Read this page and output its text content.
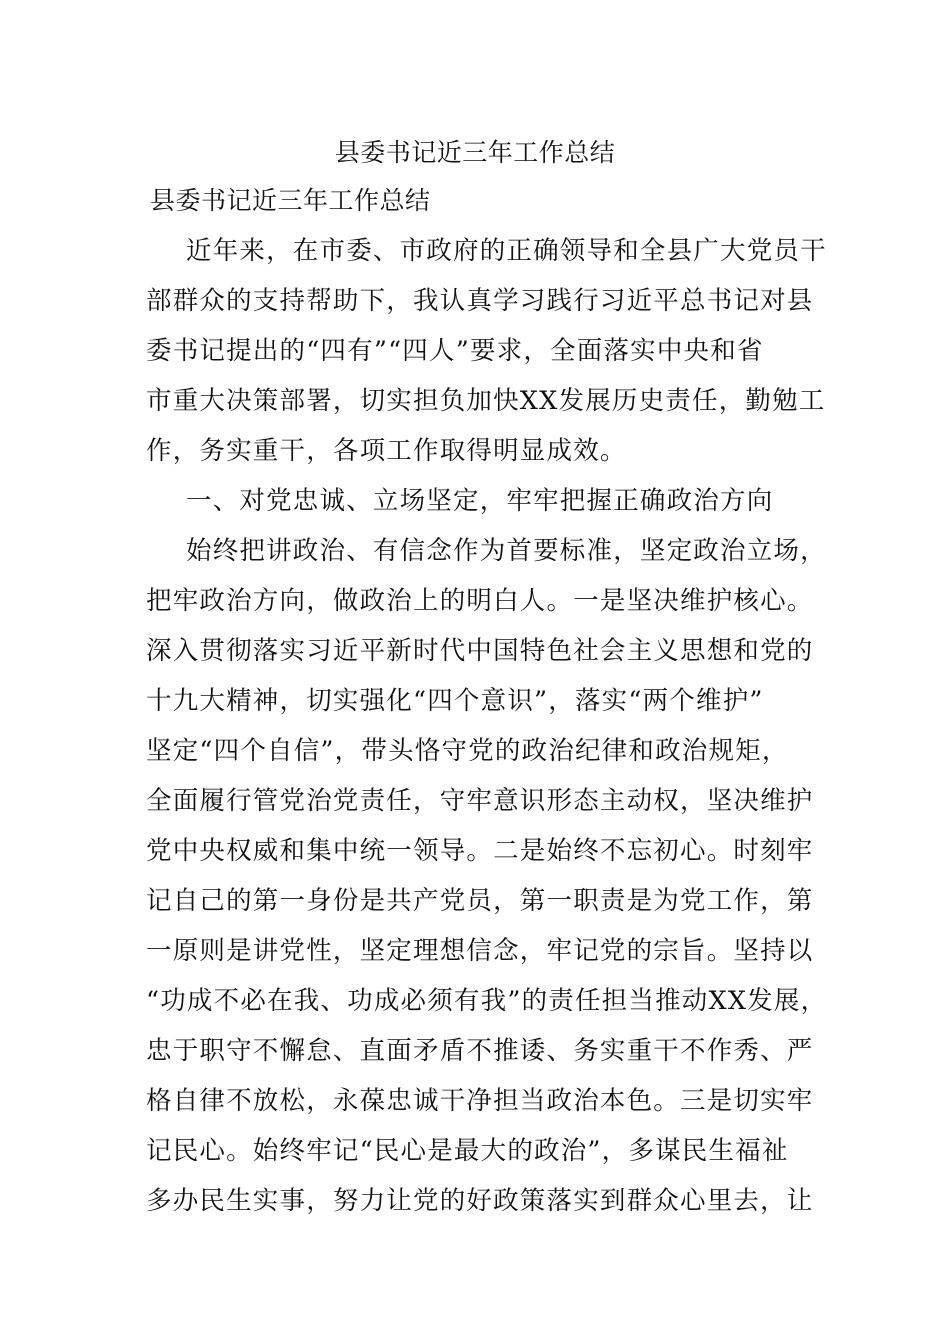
县委书记近三年工作总结
县委书记近三年工作总结
近年来，在市委、市政府的正确领导和全县广大党员干
部群众的支持帮助下，我认真学习践行习近平总书记对县
委书记提出的“四有”“四人”要求，全面落实中央和省
市重大决策部署，切实担负加快XX发展历史责任，勤勉工
作，务实重干，各项工作取得明显成效。
一、对党忠诚、立场坚定，牢牢把握正确政治方向
始终把讲政治、有信念作为首要标准，坚定政治立场，
把牢政治方向，做政治上的明白人。一是坚决维护核心。
深入贯彻落实习近平新时代中国特色社会主义思想和党的
十九大精神，切实强化“四个意识”，落实“两个维护”
坚定“四个自信”，带头恪守党的政治纪律和政治规矩，
全面履行管党治党责任，守牢意识形态主动权，坚决维护
党中央权威和集中统一领导。二是始终不忘初心。时刻牢
记自己的第一身份是共产党员，第一职责是为党工作，第
一原则是讲党性，坚定理想信念，牢记党的宗旨。坚持以
“功成不必在我、功成必须有我”的责任担当推动XX发展，
忠于职守不懈怠、直面矛盾不推诿、务实重干不作秀、严
格自律不放松，永葆忠诚干净担当政治本色。三是切实牢
记民心。始终牢记“民心是最大的政治”，多谋民生福祉
多办民生实事，努力让党的好政策落实到群众心里去，让
